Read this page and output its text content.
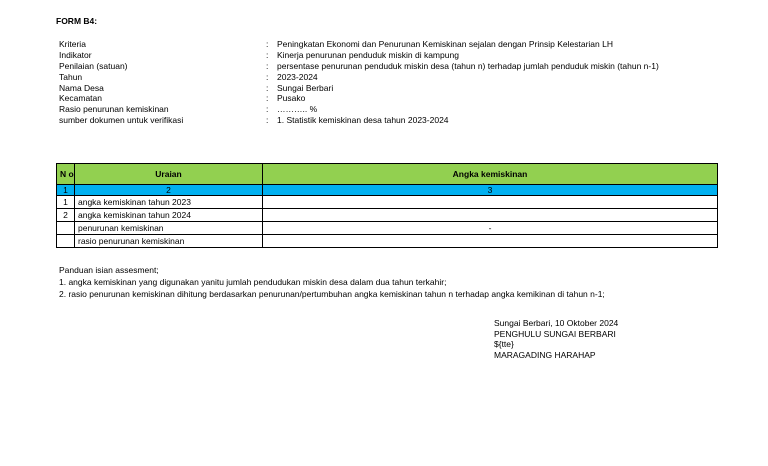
FORM B4:
Kriteria	: Peningkatan Ekonomi dan Penurunan Kemiskinan sejalan dengan Prinsip Kelestarian LH
Indikator	: Kinerja penurunan penduduk miskin di kampung
Penilaian (satuan)	: persentase penurunan penduduk miskin desa (tahun n) terhadap jumlah penduduk miskin (tahun n-1)
Tahun	: 2023-2024
Nama Desa	: Sungai Berbari
Kecamatan	: Pusako
Rasio penurunan kemiskinan	: ……….. %
sumber dokumen untuk verifikasi	: 1. Statistik kemiskinan desa tahun 2023-2024
N o	Uraian	Angka kemiskinan
1	2	3
1	angka kemiskinan tahun 2023	
2	angka kemiskinan tahun 2024	
	penurunan kemiskinan	-
	rasio penurunan kemiskinan	
Panduan isian assesment;
1. angka kemiskinan yang digunakan yanitu jumlah pendudukan miskin desa dalam dua tahun terkahir;
2. rasio penurunan kemiskinan dihitung berdasarkan penurunan/pertumbuhan angka kemiskinan tahun n terhadap angka kemikinan di tahun n-1;
Sungai Berbari, 10 Oktober 2024
PENGHULU SUNGAI BERBARI
${tte}
MARAGADING HARAHAP
